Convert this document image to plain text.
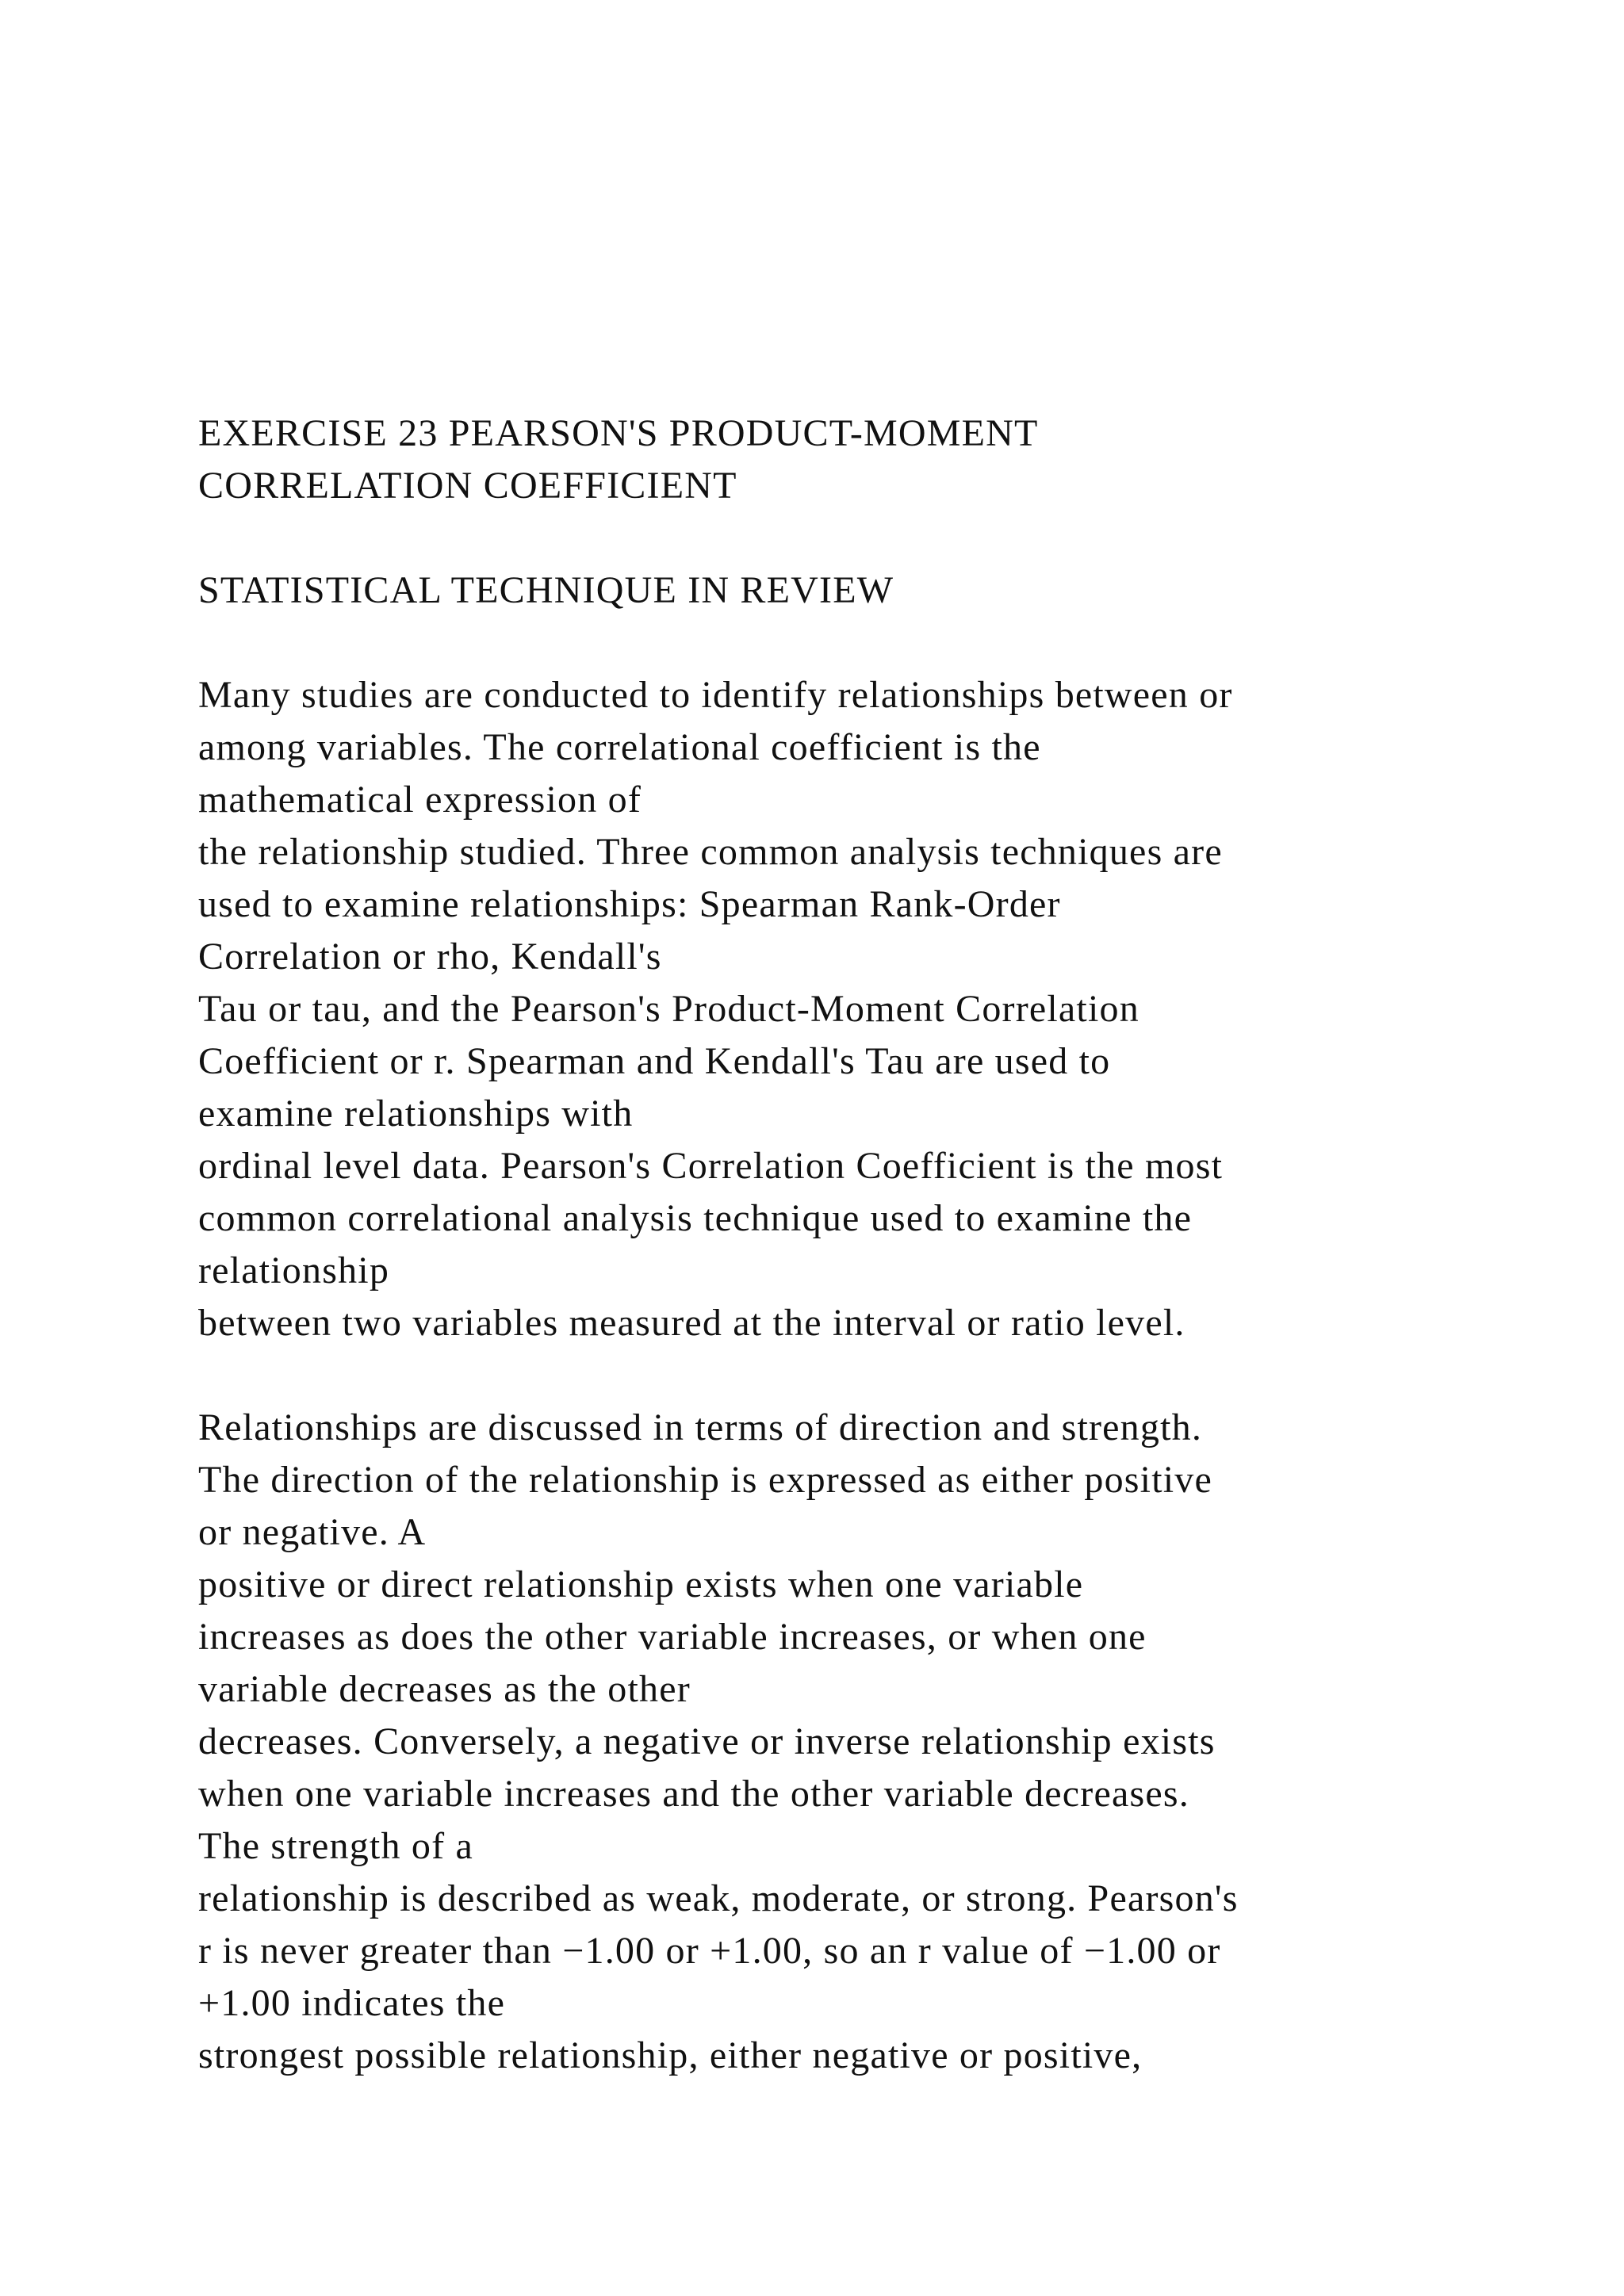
EXERCISE 23 PEARSON'S PRODUCT-MOMENT
CORRELATION COEFFICIENT
STATISTICAL TECHNIQUE IN REVIEW
Many studies are conducted to identify relationships between or
among variables. The correlational coefficient is the
mathematical expression of
the relationship studied. Three common analysis techniques are
used to examine relationships: Spearman Rank-Order
Correlation or rho, Kendall's
Tau or tau, and the Pearson's Product-Moment Correlation
Coefficient or r. Spearman and Kendall's Tau are used to
examine relationships with
ordinal level data. Pearson's Correlation Coefficient is the most
common correlational analysis technique used to examine the
relationship
between two variables measured at the interval or ratio level.
Relationships are discussed in terms of direction and strength.
The direction of the relationship is expressed as either positive
or negative. A
positive or direct relationship exists when one variable
increases as does the other variable increases, or when one
variable decreases as the other
decreases. Conversely, a negative or inverse relationship exists
when one variable increases and the other variable decreases.
The strength of a
relationship is described as weak, moderate, or strong. Pearson's
r is never greater than −1.00 or +1.00, so an r value of −1.00 or
+1.00 indicates the
strongest possible relationship, either negative or positive,
